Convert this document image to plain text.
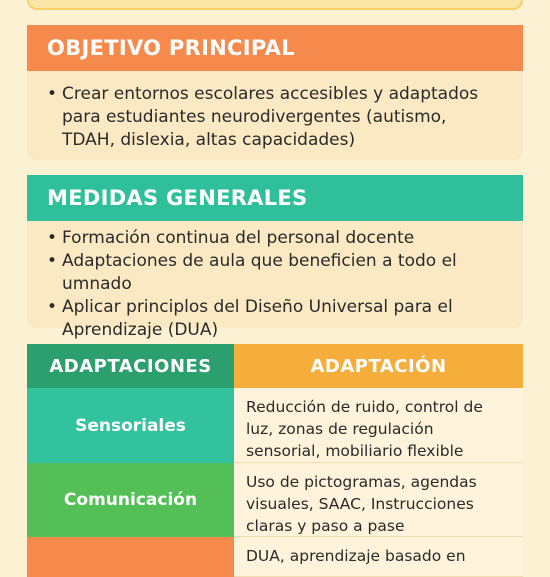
OBJETIVO PRINCIPAL
• Crear entornos escolares accesibles y adaptados para estudiantes neurodivergentes (autismo, TDAH, dislexia, altas capacidades)
MEDIDAS GENERALES
• Formación continua del personal docente
• Adaptaciones de aula que beneficien a todo el umnado
• Aplicar principlos del Diseño Universal para el Aprendizaje (DUA)
ADAPTACIONES	ADAPTACIÓN
Sensoriales
Reducción de ruido, control de luz, zonas de regulación sensorial, mobiliario flexible
Comunicación
Uso de pictogramas, agendas visuales, SAAC, Instrucciones claras y paso a pase
DUA, aprendizaje basado en
